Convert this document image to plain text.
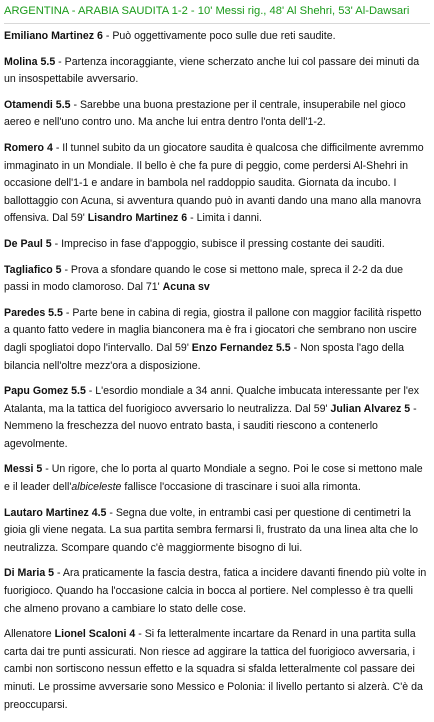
ARGENTINA - ARABIA SAUDITA 1-2 - 10' Messi rig., 48' Al Shehri, 53' Al-Dawsari

Emiliano Martinez 6 - Può oggettivamente poco sulle due reti saudite.

Molina 5.5 - Partenza incoraggiante, viene scherzato anche lui col passare dei minuti da un insospettabile avversario.

Otamendi 5.5 - Sarebbe una buona prestazione per il centrale, insuperabile nel gioco aereo e nell'uno contro uno. Ma anche lui entra dentro l'onta dell'1-2.

Romero 4 - Il tunnel subito da un giocatore saudita è qualcosa che difficilmente avremmo immaginato in un Mondiale. Il bello è che fa pure di peggio, come perdersi Al-Shehri in occasione dell'1-1 e andare in bambola nel raddoppio saudita. Giornata da incubo. I ballottaggio con Acuna, si avventura quando può in avanti dando una mano alla manovra offensiva. Dal 59' Lisandro Martinez 6 - Limita i danni.

De Paul 5 - Impreciso in fase d'appoggio, subisce il pressing costante dei sauditi.

Tagliafico 5 - Prova a sfondare quando le cose si mettono male, spreca il 2-2 da due passi in modo clamoroso. Dal 71' Acuna sv

Paredes 5.5 - Parte bene in cabina di regia, giostra il pallone con maggior facilità rispetto a quanto fatto vedere in maglia bianconera ma è fra i giocatori che sembrano non uscire dagli spogliatoi dopo l'intervallo. Dal 59' Enzo Fernandez 5.5 - Non sposta l'ago della bilancia nell'oltre mezz'ora a disposizione.

Papu Gomez 5.5 - L'esordio mondiale a 34 anni. Qualche imbucata interessante per l'ex Atalanta, ma la tattica del fuorigioco avversario lo neutralizza. Dal 59' Julian Alvarez 5 - Nemmeno la freschezza del nuovo entrato basta, i sauditi riescono a contenerlo agevolmente.

Messi 5 - Un rigore, che lo porta al quarto Mondiale a segno. Poi le cose si mettono male e il leader dell'albiceleste fallisce l'occasione di trascinare i suoi alla rimonta.

Lautaro Martinez 4.5 - Segna due volte, in entrambi casi per questione di centimetri la gioia gli viene negata. La sua partita sembra fermarsi lì, frustrato da una linea alta che lo neutralizza. Scompare quando c'è maggiormente bisogno di lui.

Di Maria 5 - Ara praticamente la fascia destra, fatica a incidere davanti finendo più volte in fuorigioco. Quando ha l'occasione calcia in bocca al portiere. Nel complesso è tra quelli che almeno provano a cambiare lo stato delle cose.

Allenatore Lionel Scaloni 4 - Si fa letteralmente incartare da Renard in una partita sulla carta dai tre punti assicurati. Non riesce ad aggirare la tattica del fuorigioco avversaria, i cambi non sortiscono nessun effetto e la squadra si sfalda letteralmente col passare dei minuti. Le prossime avversarie sono Messico e Polonia: il livello pertanto si alzerà. C'è da preoccuparsi.
